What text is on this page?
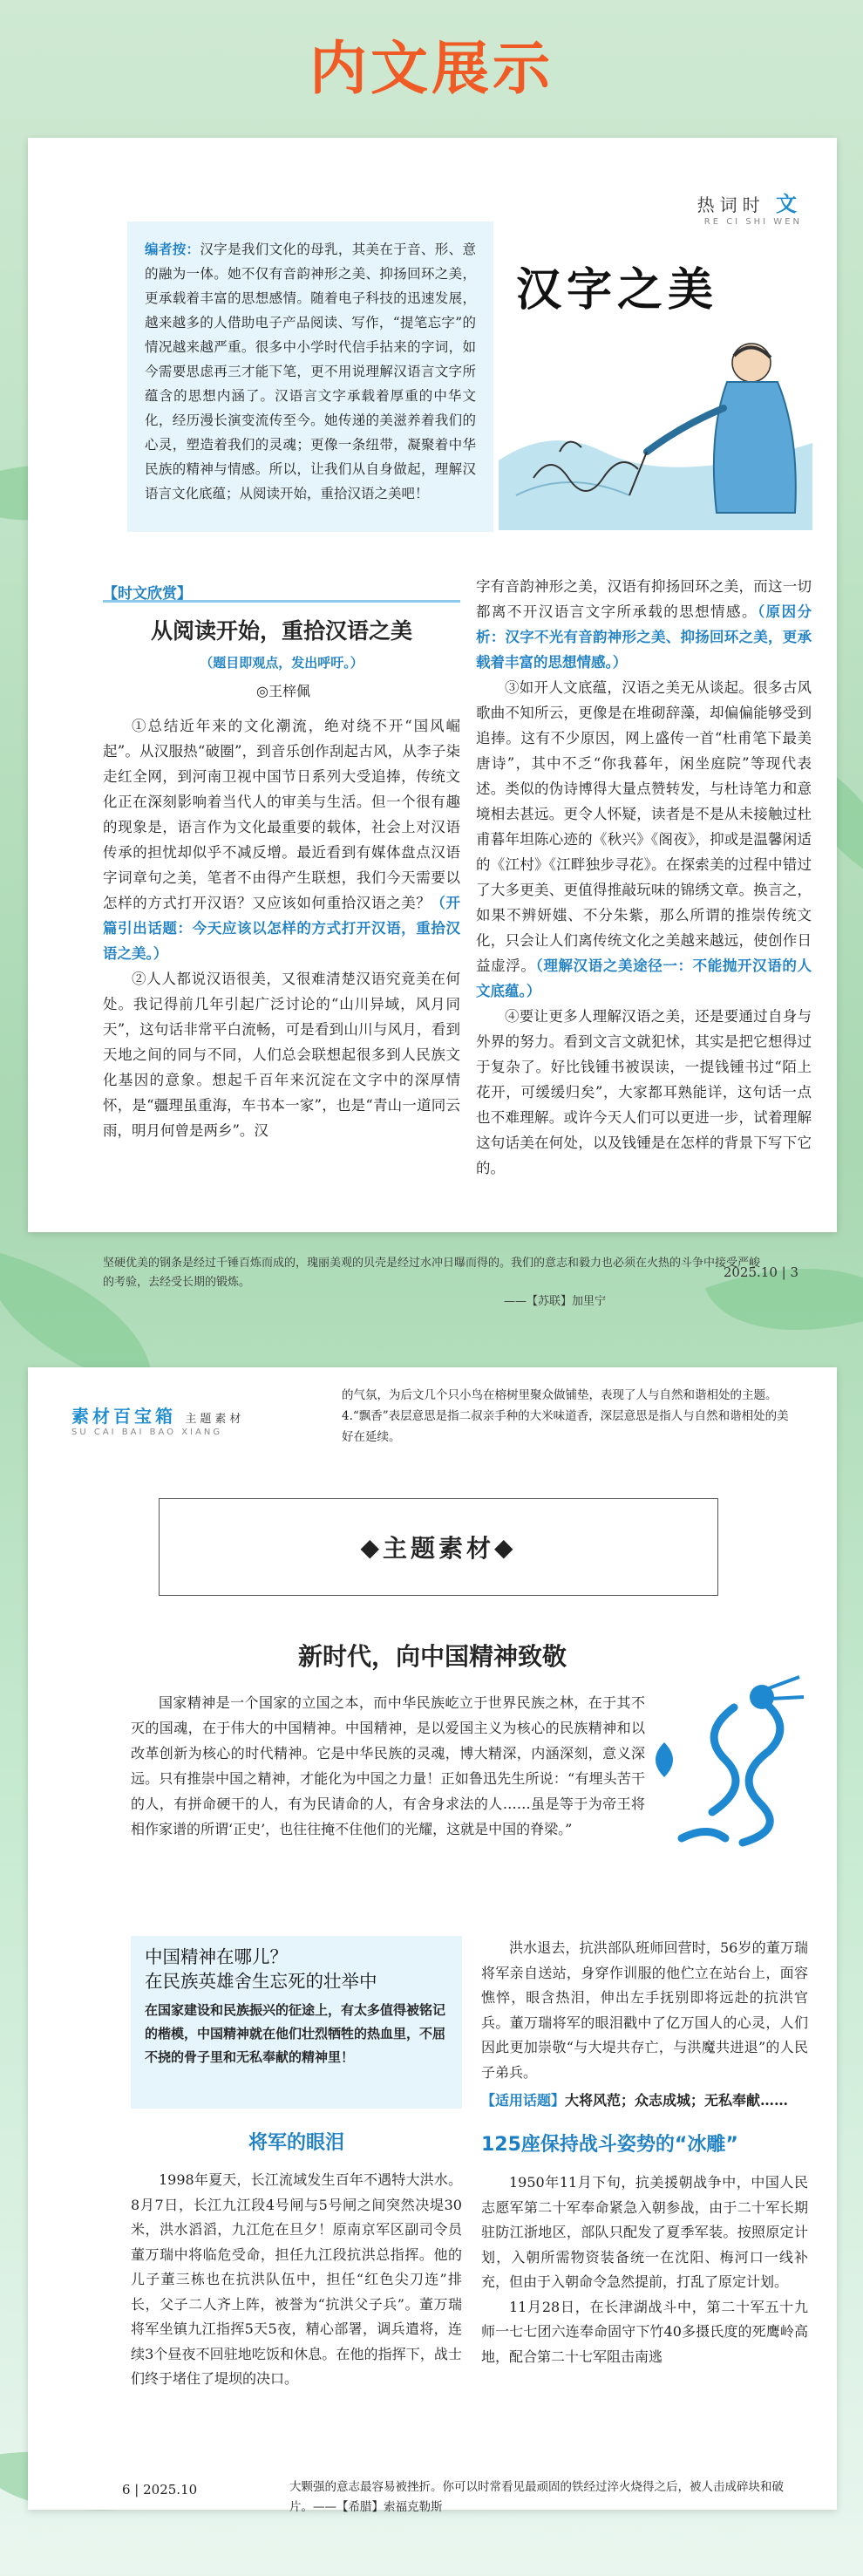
内文展示
热词时 文
RE CI SHI WEN
编者按：汉字是我们文化的母乳，其美在于音、形、意的融为一体。她不仅有音韵神形之美、抑扬回环之美，更承载着丰富的思想感情。随着电子科技的迅速发展，越来越多的人借助电子产品阅读、写作，“提笔忘字”的情况越来越严重。很多中小学时代信手拈来的字词，如今需要思虑再三才能下笔，更不用说理解汉语言文字所蕴含的思想内涵了。汉语言文字承载着厚重的中华文化，经历漫长演变流传至今。她传递的美滋养着我们的心灵，塑造着我们的灵魂；更像一条纽带，凝聚着中华民族的精神与情感。所以，让我们从自身做起，理解汉语言文化底蕴；从阅读开始，重拾汉语之美吧！
汉字之美
【时文欣赏】
从阅读开始，重拾汉语之美
（题目即观点，发出呼吁。）
◎王梓佩

①总结近年来的文化潮流，绝对绕不开“国风崛起”。从汉服热“破圈”，到音乐创作刮起古风，从李子柒走红全网，到河南卫视中国节日系列大受追捧，传统文化正在深刻影响着当代人的审美与生活。但一个很有趣的现象是，语言作为文化最重要的载体，社会上对汉语传承的担忧却似乎不减反增。最近看到有媒体盘点汉语字词章句之美，笔者不由得产生联想，我们今天需要以怎样的方式打开汉语？又应该如何重拾汉语之美？（开篇引出话题：今天应该以怎样的方式打开汉语，重拾汉语之美。）

②人人都说汉语很美，又很难清楚汉语究竟美在何处。我记得前几年引起广泛讨论的“山川异域，风月同天”，这句话非常平白流畅，可是看到山川与风月，看到天地之间的同与不同，人们总会联想起很多到人民族文化基因的意象。想起千百年来沉淀在文字中的深厚情怀，是“疆理虽重海，车书本一家”，也是“青山一道同云雨，明月何曾是两乡”。汉

字有音韵神形之美，汉语有抑扬回环之美，而这一切都离不开汉语言文字所承载的思想情感。（原因分析：汉字不光有音韵神形之美、抑扬回环之美，更承载着丰富的思想情感。）

③如开人文底蕴，汉语之美无从谈起。很多古风歌曲不知所云，更像是在堆砌辞藻，却偏偏能够受到追捧。这有不少原因，网上盛传一首“杜甫笔下最美唐诗”，其中不乏“你我暮年，闲坐庭院”等现代表述。类似的伪诗博得大量点赞转发，与杜诗笔力和意境相去甚远。更令人怀疑，读者是不是从未接触过杜甫暮年坦陈心迹的《秋兴》《阁夜》，抑或是温馨闲适的《江村》《江畔独步寻花》。在探索美的过程中错过了大多更美、更值得推敲玩味的锦绣文章。换言之，如果不辨妍媸、不分朱紫，那么所谓的推崇传统文化，只会让人们离传统文化之美越来越远，使创作日益虚浮。（理解汉语之美途径一：不能抛开汉语的人文底蕴。）

④要让更多人理解汉语之美，还是要通过自身与外界的努力。看到文言文就犯怵，其实是把它想得过于复杂了。好比钱锺书被误读，一提钱锺书过“陌上花开，可缓缓归矣”，大家都耳熟能详，这句话一点也不难理解。或许今天人们可以更进一步，试着理解这句话美在何处，以及钱锺是在怎样的背景下写下它的。

坚硬优美的钢条是经过千锤百炼而成的，瑰丽美观的贝壳是经过水冲日曝而得的。我们的意志和毅力也必须在火热的斗争中接受严峻的考验，去经受长期的锻炼。
——【苏联】加里宁
2025.10 | 3
素材百宝箱 主题素材
SU CAI BAI BAO XIANG
的气氛，为后文几个只小鸟在榕树里聚众做铺垫，表现了人与自然和谐相处的主题。4.“飘香”表层意思是指二叔亲手种的大米味道香，深层意思是指人与自然和谐相处的美好在延续。
◆ 主题素材 ◆
新时代，向中国精神致敬

国家精神是一个国家的立国之本，而中华民族屹立于世界民族之林，在于其不灭的国魂，在于伟大的中国精神。中国精神，是以爱国主义为核心的民族精神和以改革创新为核心的时代精神。它是中华民族的灵魂，博大精深，内涵深刻，意义深远。只有推崇中国之精神，才能化为中国之力量！正如鲁迅先生所说：“有埋头苦干的人，有拼命硬干的人，有为民请命的人，有舍身求法的人……虽是等于为帝王将相作家谱的所谓‘正史’，也往往掩不住他们的光耀，这就是中国的脊梁。”

中国精神在哪儿？
在民族英雄舍生忘死的壮举中
在国家建设和民族振兴的征途上，有太多值得被铭记的楷模，中国精神就在他们壮烈牺牲的热血里，不屈不挠的骨子里和无私奉献的精神里！
将军的眼泪

1998年夏天，长江流域发生百年不遇特大洪水。8月7日，长江九江段4号闸与5号闸之间突然决堤30米，洪水滔滔，九江危在旦夕！原南京军区副司令员董万瑞中将临危受命，担任九江段抗洪总指挥。他的儿子董三栋也在抗洪队伍中，担任“红色尖刀连”排长，父子二人齐上阵，被誉为“抗洪父子兵”。董万瑞将军坐镇九江指挥5天5夜，精心部署，调兵遣将，连续3个昼夜不回驻地吃饭和休息。在他的指挥下，战士们终于堵住了堤坝的决口。

洪水退去，抗洪部队班师回营时，56岁的董万瑞将军亲自送站，身穿作训服的他伫立在站台上，面容憔悴，眼含热泪，伸出左手抚别即将远赴的抗洪官兵。董万瑞将军的眼泪戳中了亿万国人的心灵，人们因此更加崇敬“与大堤共存亡，与洪魔共进退”的人民子弟兵。

【适用话题】大将风范；众志成城；无私奉献……

125座保持战斗姿势的“冰雕”

1950年11月下旬，抗美援朝战争中，中国人民志愿军第二十军奉命紧急入朝参战，由于二十军长期驻防江浙地区，部队只配发了夏季军装。按照原定计划，入朝所需物资装备统一在沈阳、梅河口一线补充，但由于入朝命令急然提前，打乱了原定计划。

11月28日，在长津湖战斗中，第二十军五十九师一七七团六连奉命固守下竹40多摄氏度的死鹰岭高地，配合第二十七军阻击南逃

6 | 2025.10	大颗强的意志最容易被挫折。你可以时常看见最顽固的铁经过淬火烧得之后，被人击成碎块和破片。——【希腊】索福克勒斯
